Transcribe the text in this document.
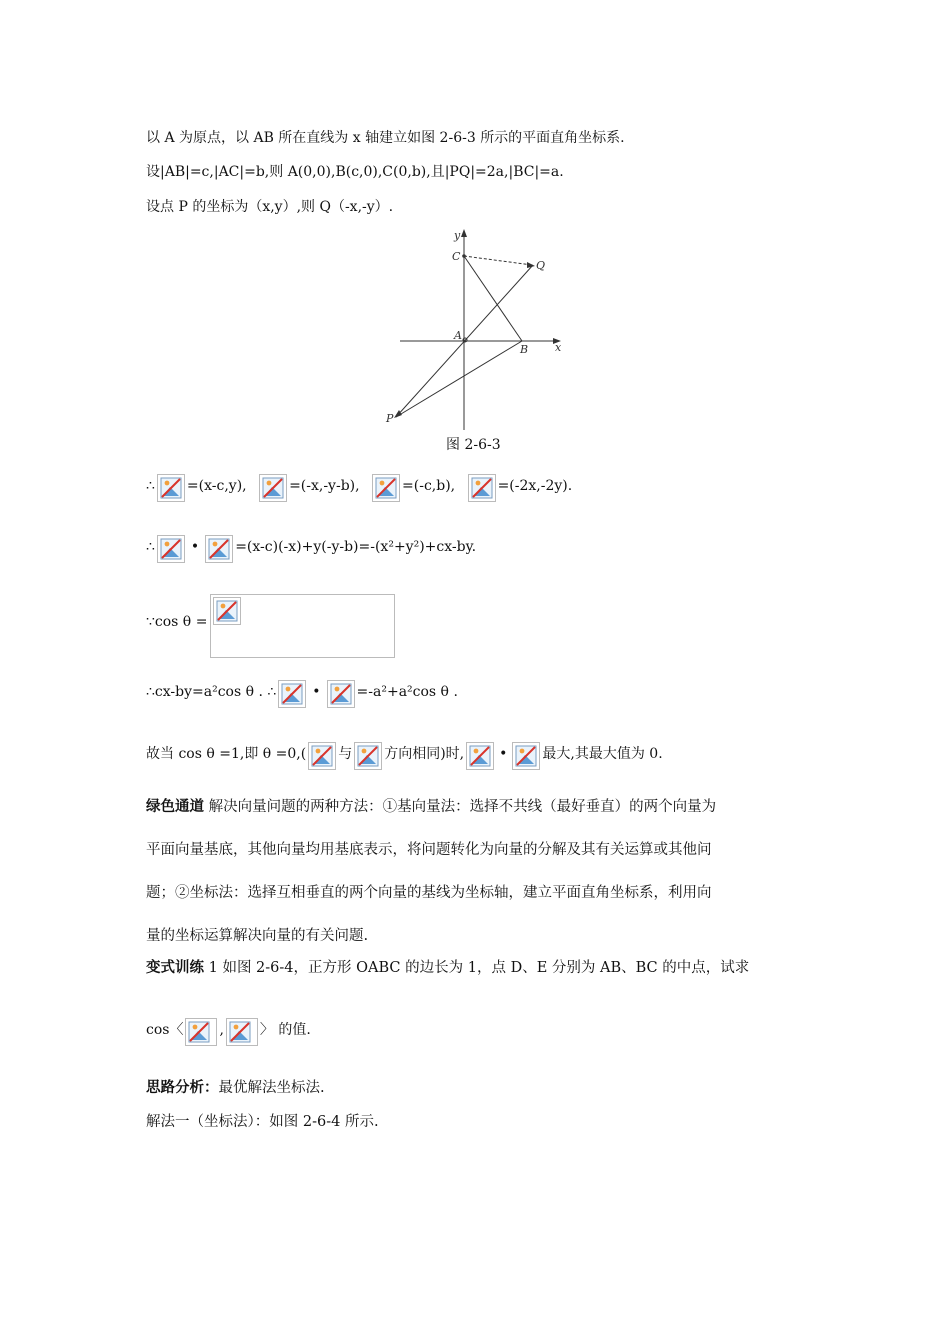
以 A 为原点，以 AB 所在直线为 x 轴建立如图 2-6-3 所示的平面直角坐标系.
设|AB|=c,|AC|=b,则 A(0,0),B(c,0),C(0,b),且|PQ|=2a,|BC|=a.
设点 P 的坐标为（x,y）,则 Q（-x,-y）.
y
C
Q
A
B x
P
图 2-6-3
∴ =(x-c,y),	=(-x,-y-b),	=(-c,b),	=(-2x,-2y).
∴	•	=(x-c)(-x)+y(-y-b)=-(x²+y²)+cx-by.
∵cos θ =
∴cx-by=a²cos θ . ∴	•	=-a²+a²cos θ .
故当 cos θ =1,即 θ =0,( 与 方向相同)时,	•	最大,其最大值为 0.
绿色通道 解决向量问题的两种方法：①基向量法：选择不共线（最好垂直）的两个向量为
平面向量基底，其他向量均用基底表示，将问题转化为向量的分解及其有关运算或其他问
题；②坐标法：选择互相垂直的两个向量的基线为坐标轴，建立平面直角坐标系，利用向
量的坐标运算解决向量的有关问题.
变式训练 1 如图 2-6-4，正方形 OABC 的边长为 1，点 D、E 分别为 AB、BC 的中点，试求
cos〈	,	〉 的值.
思路分析：最优解法坐标法.
解法一（坐标法）：如图 2-6-4 所示.
